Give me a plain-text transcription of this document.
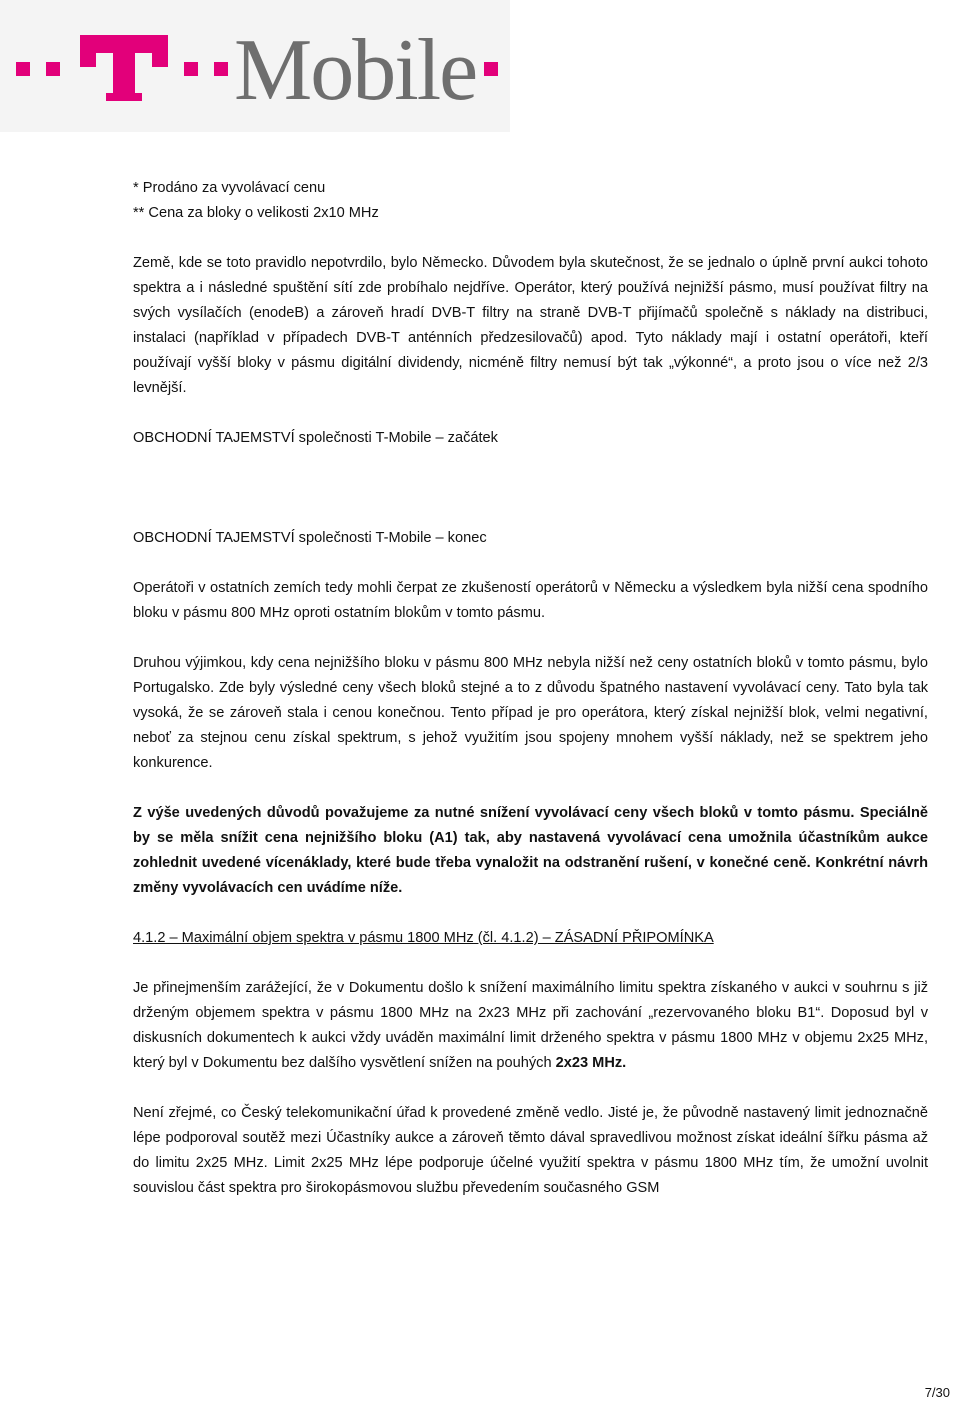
Mobile

* Prodáno za vyvolávací cenu

** Cena za bloky o velikosti 2x10 MHz

Země, kde se toto pravidlo nepotvrdilo, bylo Německo. Důvodem byla skutečnost, že se jednalo o úplně první aukci tohoto spektra a i následné spuštění sítí zde probíhalo nejdříve. Operátor, který používá nejnižší pásmo, musí používat filtry na svých vysílačích (enodeB) a zároveň hradí DVB-T filtry na straně DVB-T přijímačů společně s náklady na distribuci, instalaci (například v případech DVB-T anténních předzesilovačů) apod. Tyto náklady mají i ostatní operátoři, kteří používají vyšší bloky v pásmu digitální dividendy, nicméně filtry nemusí být tak „výkonné“, a proto jsou o více než 2/3 levnější.

OBCHODNÍ TAJEMSTVÍ společnosti T-Mobile – začátek

OBCHODNÍ TAJEMSTVÍ společnosti T-Mobile – konec

Operátoři v ostatních zemích tedy mohli čerpat ze zkušeností operátorů v Německu a výsledkem byla nižší cena spodního bloku v pásmu 800 MHz oproti ostatním blokům v tomto pásmu.

Druhou výjimkou, kdy cena nejnižšího bloku v pásmu 800 MHz nebyla nižší než ceny ostatních bloků v tomto pásmu, bylo Portugalsko. Zde byly výsledné ceny všech bloků stejné a to z důvodu špatného nastavení vyvolávací ceny. Tato byla tak vysoká, že se zároveň stala i cenou konečnou. Tento případ je pro operátora, který získal nejnižší blok, velmi negativní, neboť za stejnou cenu získal spektrum, s jehož využitím jsou spojeny mnohem vyšší náklady, než se spektrem jeho konkurence.

Z výše uvedených důvodů považujeme za nutné snížení vyvolávací ceny všech bloků v tomto pásmu. Speciálně by se měla snížit cena nejnižšího bloku (A1) tak, aby nastavená vyvolávací cena umožnila účastníkům aukce zohlednit uvedené vícenáklady, které bude třeba vynaložit na odstranění rušení, v konečné ceně. Konkrétní návrh změny vyvolávacích cen uvádíme níže.

4.1.2 – Maximální objem spektra v pásmu 1800 MHz (čl. 4.1.2) – ZÁSADNÍ PŘIPOMÍNKA

Je přinejmenším zarážející, že v Dokumentu došlo k snížení maximálního limitu spektra získaného v aukci v souhrnu s již drženým objemem spektra v pásmu 1800 MHz na 2x23 MHz při zachování „rezervovaného bloku B1“. Doposud byl v diskusních dokumentech k aukci vždy uváděn maximální limit drženého spektra v pásmu 1800 MHz v objemu 2x25 MHz, který byl v Dokumentu bez dalšího vysvětlení snížen na pouhých 2x23 MHz.

Není zřejmé, co Český telekomunikační úřad k provedené změně vedlo. Jisté je, že původně nastavený limit jednoznačně lépe podporoval soutěž mezi Účastníky aukce a zároveň těmto dával spravedlivou možnost získat ideální šířku pásma až do limitu 2x25 MHz. Limit 2x25 MHz lépe podporuje účelné využití spektra v pásmu 1800 MHz tím, že umožní uvolnit souvislou část spektra pro širokopásmovou službu převedením současného GSM

7/30
